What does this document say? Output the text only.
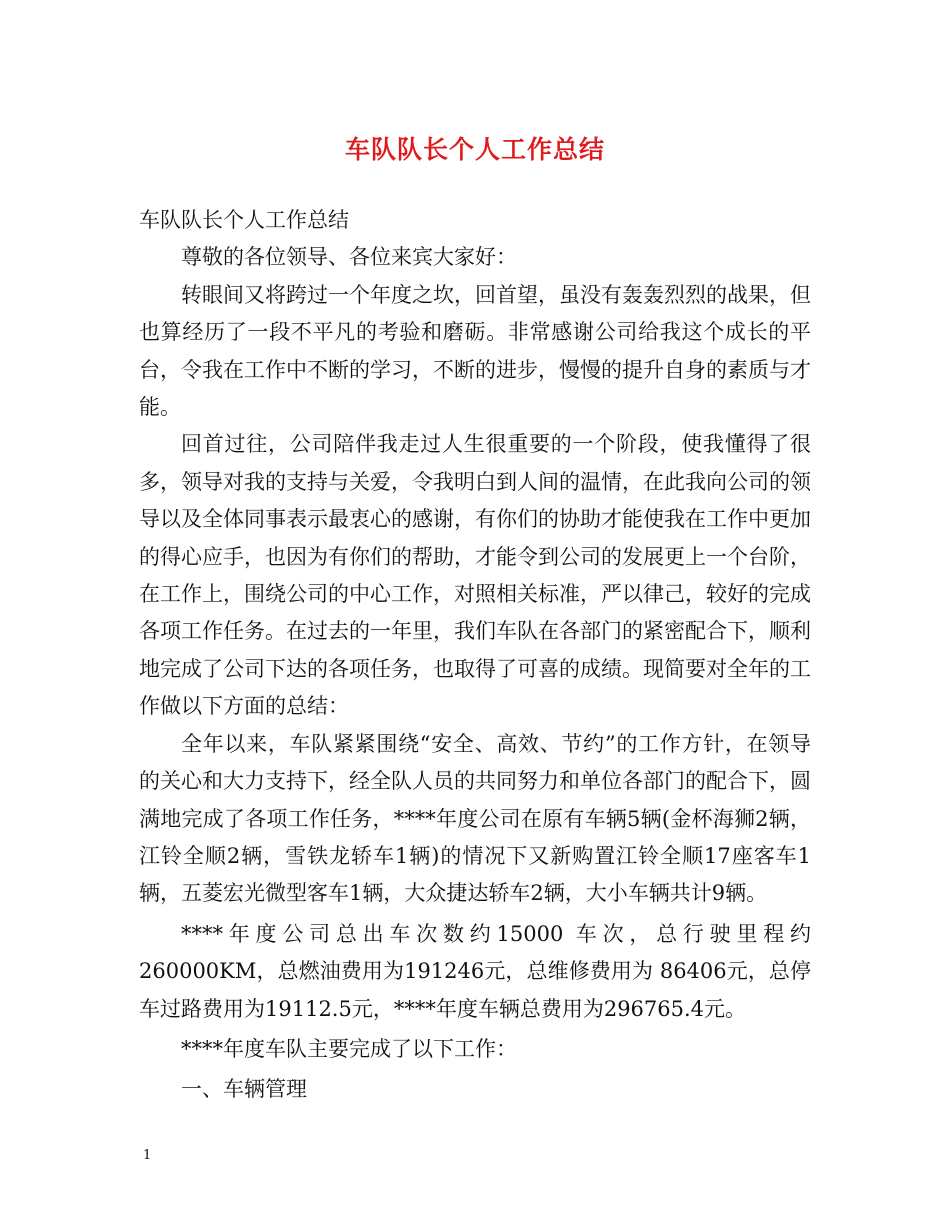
车队队长个人工作总结

车队队长个人工作总结

尊敬的各位领导、各位来宾大家好：

转眼间又将跨过一个年度之坎，回首望，虽没有轰轰烈烈的战果，但也算经历了一段不平凡的考验和磨砺。非常感谢公司给我这个成长的平台，令我在工作中不断的学习，不断的进步，慢慢的提升自身的素质与才能。

回首过往，公司陪伴我走过人生很重要的一个阶段，使我懂得了很多，领导对我的支持与关爱，令我明白到人间的温情，在此我向公司的领导以及全体同事表示最衷心的感谢，有你们的协助才能使我在工作中更加的得心应手，也因为有你们的帮助，才能令到公司的发展更上一个台阶，在工作上，围绕公司的中心工作，对照相关标准，严以律己，较好的完成各项工作任务。在过去的一年里，我们车队在各部门的紧密配合下，顺利地完成了公司下达的各项任务，也取得了可喜的成绩。现简要对全年的工作做以下方面的总结：

全年以来，车队紧紧围绕“安全、高效、节约”的工作方针，在领导的关心和大力支持下，经全队人员的共同努力和单位各部门的配合下，圆满地完成了各项工作任务，****年度公司在原有车辆5辆(金杯海狮2辆，江铃全顺2辆，雪铁龙轿车1辆)的情况下又新购置江铃全顺17座客车1辆，五菱宏光微型客车1辆，大众捷达轿车2辆，大小车辆共计9辆。

****年度公司总出车次数约15000 车次，总行驶里程约260000KM，总燃油费用为191246元，总维修费用为 86406元，总停车过路费用为19112.5元，****年度车辆总费用为296765.4元。

****年度车队主要完成了以下工作：

一、车辆管理

1
